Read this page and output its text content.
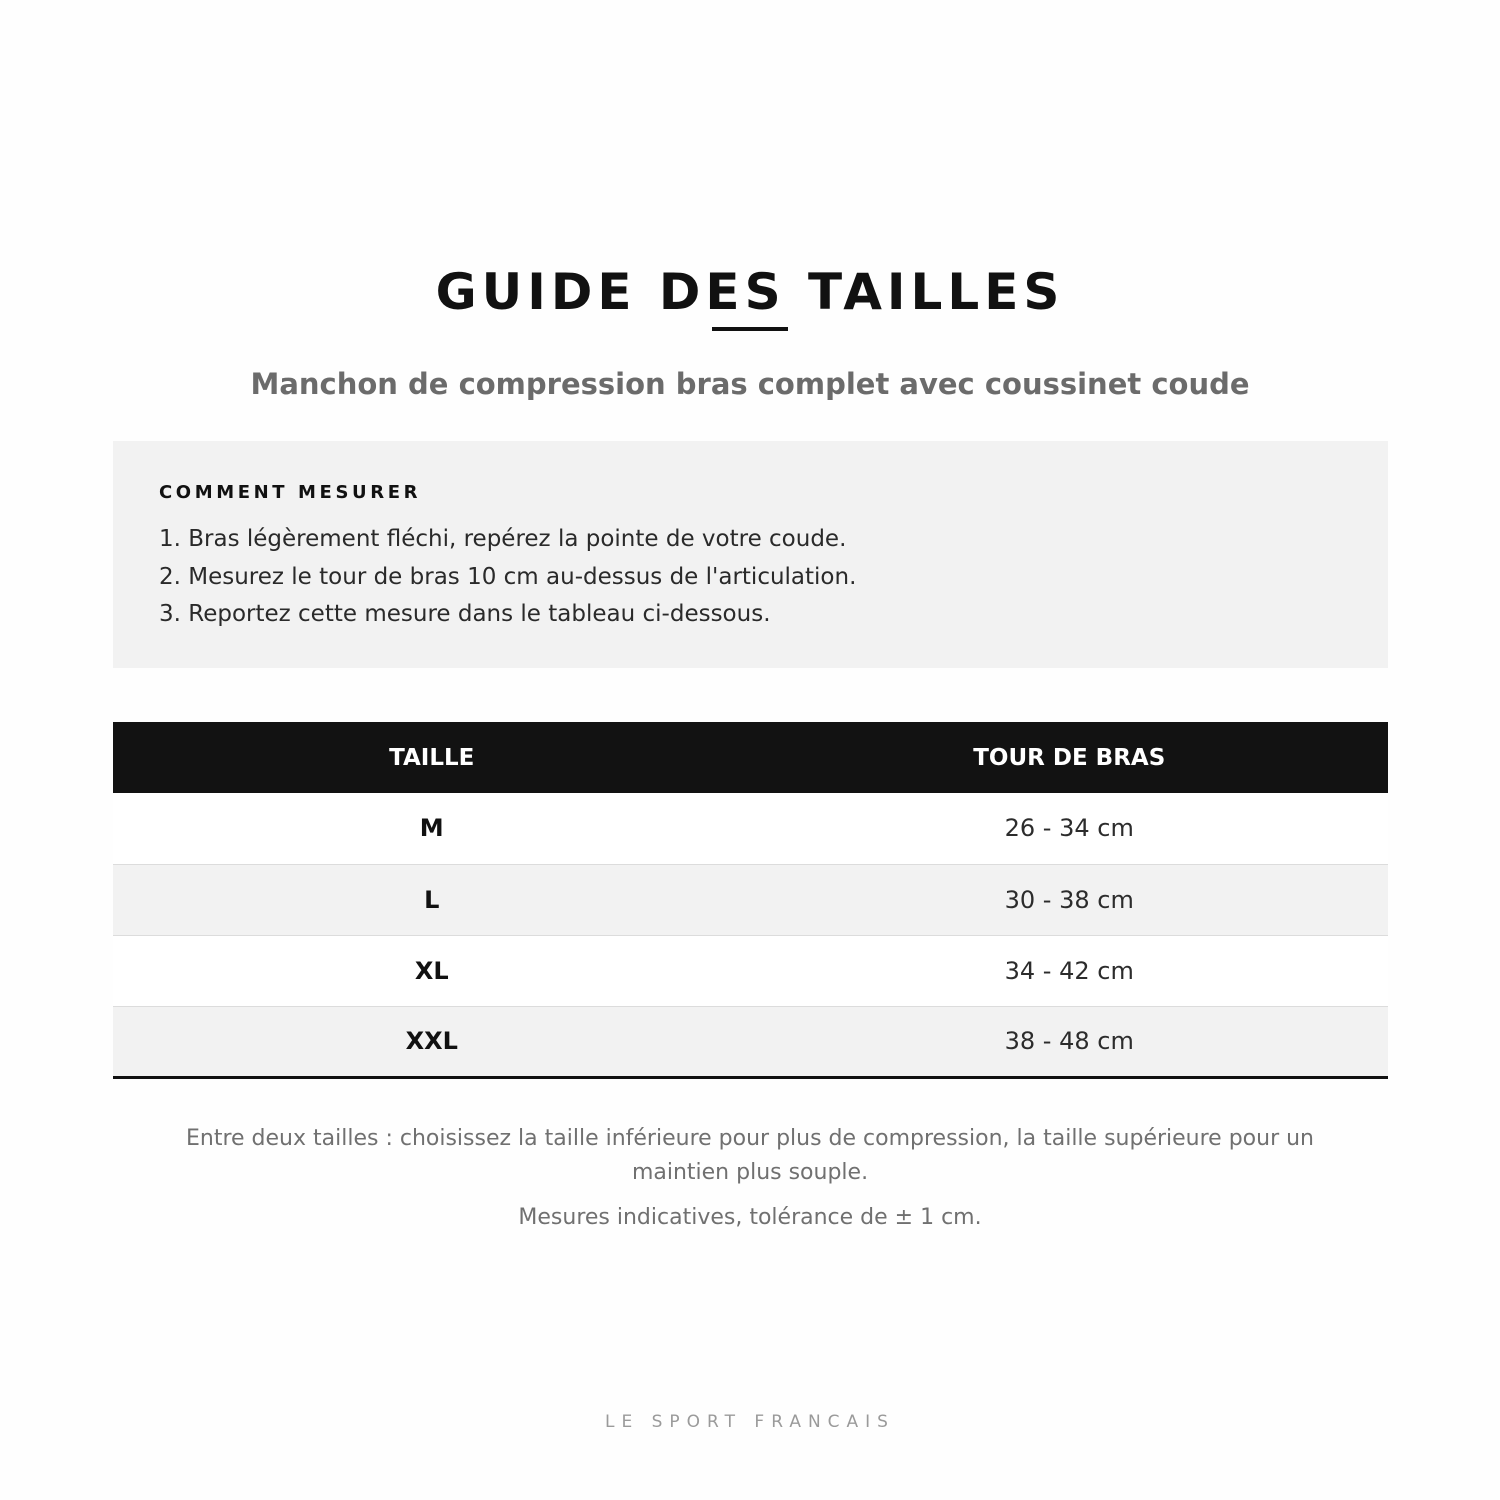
GUIDE DES TAILLES
Manchon de compression bras complet avec coussinet coude
COMMENT MESURER
1. Bras légèrement fléchi, repérez la pointe de votre coude.
2. Mesurez le tour de bras 10 cm au-dessus de l'articulation.
3. Reportez cette mesure dans le tableau ci-dessous.
TAILLE	TOUR DE BRAS
M	26 - 34 cm
L	30 - 38 cm
XL	34 - 42 cm
XXL	38 - 48 cm

Entre deux tailles : choisissez la taille inférieure pour plus de compression, la taille supérieure pour un maintien plus souple.

Mesures indicatives, tolérance de ± 1 cm.

LE SPORT FRANCAIS
